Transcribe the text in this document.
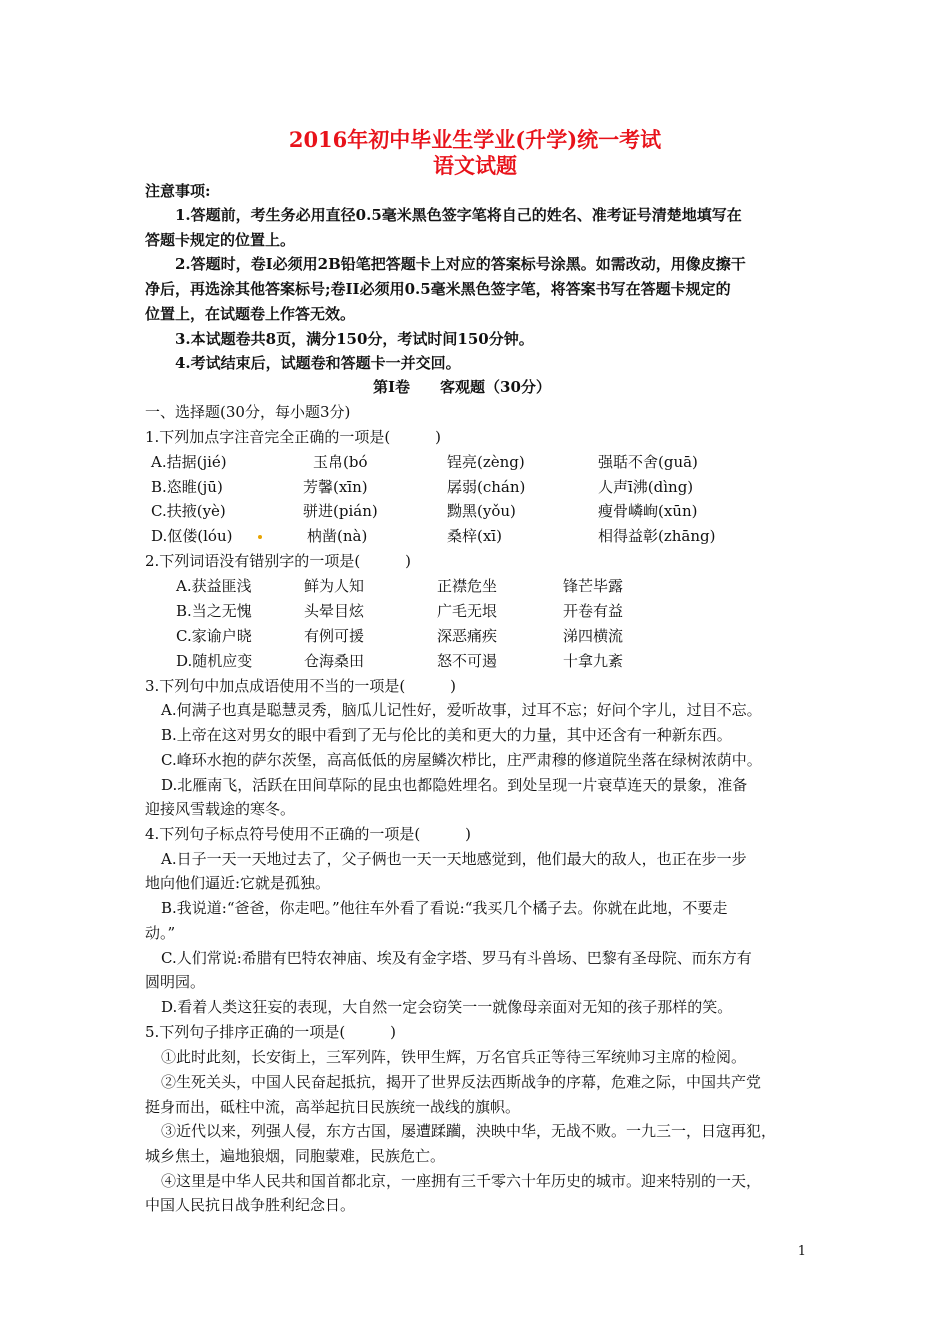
2016年初中毕业生学业(升学)统一考试
语文试题
注意事项:
1.答题前，考生务必用直径0.5毫米黑色签字笔将自己的姓名、准考证号清楚地填写在
答题卡规定的位置上。
2.答题时，卷Ⅰ必须用2B铅笔把答题卡上对应的答案标号涂黑。如需改动，用像皮擦干
净后，再选涂其他答案标号;卷II必须用0.5毫米黑色签字笔，将答案书写在答题卡规定的
位置上，在试题卷上作答无效。
3.本试题卷共8页，满分150分，考试时间150分钟。
4.考试结束后，试题卷和答题卡一并交回。
第Ⅰ卷　　客观题（30分）
一、选择题(30分，每小题3分)
1.下列加点字注音完全正确的一项是(　　　)
A.拮据(jié)	玉帛(bó	锃亮(zèng)	强聒不舍(guā)
B.恣睢(jū)	芳馨(xīn)	孱弱(chán)	人声ī沸(dìng)
C.扶掖(yè)	骈进(pián)	黝黑(yǒu)	瘦骨嶙峋(xūn)
D.伛偻(lóu)	枘凿(nà)	桑梓(xī)	相得益彰(zhāng)
2.下列词语没有错别字的一项是(　　　)
A.获益匪浅	鲜为人知	正襟危坐	锋芒毕露
B.当之无愧	头晕目炫	广毛无垠	开卷有益
C.家谕户晓	有例可援	深恶痛疾	涕四横流
D.随机应变	仓海桑田	怒不可遏	十拿九紊
3.下列句中加点成语使用不当的一项是(　　　)
A.何满子也真是聪慧灵秀，脑瓜儿记性好，爱听故事，过耳不忘；好问个字儿，过目不忘。
B.上帝在这对男女的眼中看到了无与伦比的美和更大的力量，其中还含有一种新东西。
C.峰环水抱的萨尔茨堡，高高低低的房屋鳞次栉比，庄严肃穆的修道院坐落在绿树浓荫中。
D.北雁南飞，活跃在田间草际的昆虫也都隐姓埋名。到处呈现一片衰草连天的景象，准备
迎接风雪载途的寒冬。
4.下列句子标点符号使用不正确的一项是(　　　)
A.日子一天一天地过去了，父子俩也一天一天地感觉到，他们最大的敌人，也正在步一步
地向他们逼近:它就是孤独。
B.我说道:“爸爸，你走吧。”他往车外看了看说:“我买几个橘子去。你就在此地，不要走
动。”
C.人们常说:希腊有巴特农神庙、埃及有金字塔、罗马有斗兽场、巴黎有圣母院、而东方有
圆明园。
D.看着人类这狂妄的表现，大自然一定会窃笑一一就像母亲面对无知的孩子那样的笑。
5.下列句子排序正确的一项是(　　　)
①此时此刻，长安街上，三军列阵，铁甲生辉，万名官兵正等待三军统帅习主席的检阅。
②生死关头，中国人民奋起抵抗，揭开了世界反法西斯战争的序幕，危难之际，中国共产党
挺身而出，砥柱中流，高举起抗日民族统一战线的旗帜。
③近代以来，列强人侵，东方古国，屡遭蹂躏，泱映中华，无战不败。一九三一，日寇再犯，
城乡焦土，遍地狼烟，同胞蒙难，民族危亡。
④这里是中华人民共和国首都北京，一座拥有三千零六十年历史的城市。迎来特别的一天，
中国人民抗日战争胜利纪念日。
1
